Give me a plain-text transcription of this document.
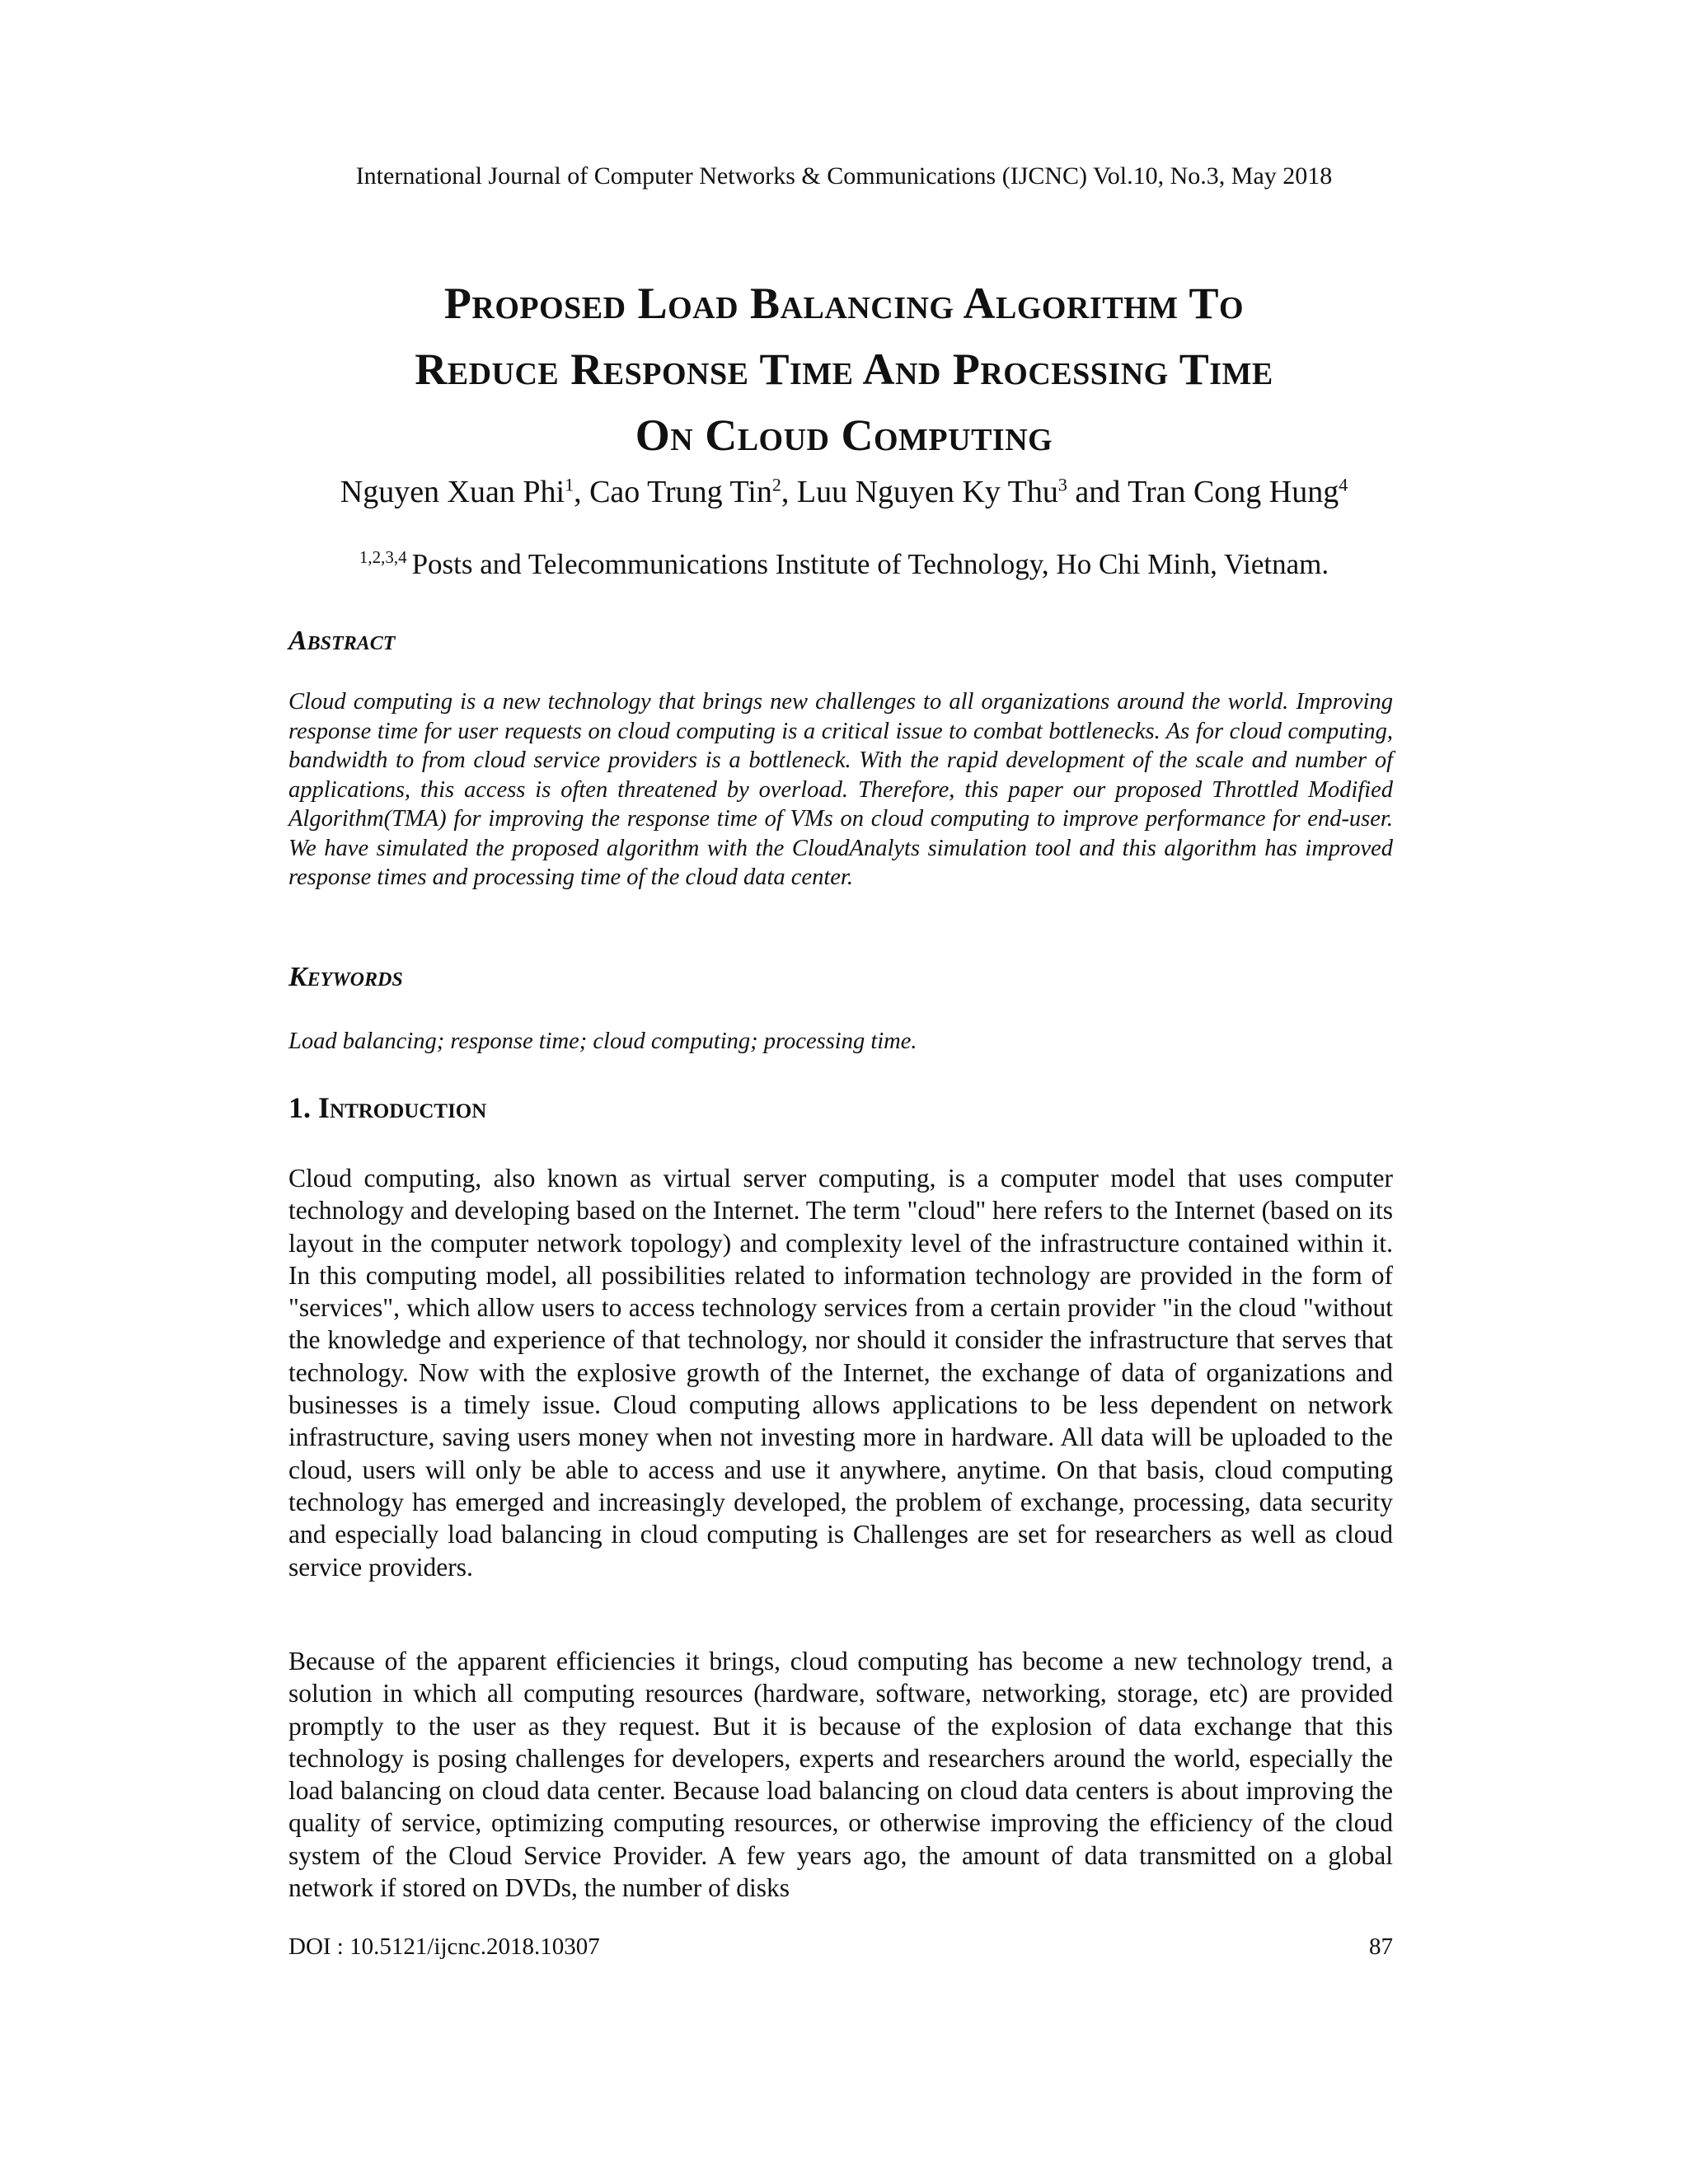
International Journal of Computer Networks & Communications (IJCNC) Vol.10, No.3, May 2018
Proposed Load Balancing Algorithm To
Reduce Response Time And Processing Time
On Cloud Computing
Nguyen Xuan Phi$^1$, Cao Trung Tin$^2$, Luu Nguyen Ky Thu$^3$ and Tran Cong Hung$^4$
$^{1,2,3,4}$ Posts and Telecommunications Institute of Technology, Ho Chi Minh, Vietnam.
Abstract

Cloud computing is a new technology that brings new challenges to all organizations around the world. Improving response time for user requests on cloud computing is a critical issue to combat bottlenecks. As for cloud computing, bandwidth to from cloud service providers is a bottleneck. With the rapid development of the scale and number of applications, this access is often threatened by overload. Therefore, this paper our proposed Throttled Modified Algorithm(TMA) for improving the response time of VMs on cloud computing to improve performance for end-user. We have simulated the proposed algorithm with the CloudAnalyts simulation tool and this algorithm has improved response times and processing time of the cloud data center.

Keywords

Load balancing; response time; cloud computing; processing time.

1. Introduction

Cloud computing, also known as virtual server computing, is a computer model that uses computer technology and developing based on the Internet. The term "cloud" here refers to the Internet (based on its layout in the computer network topology) and complexity level of the infrastructure contained within it. In this computing model, all possibilities related to information technology are provided in the form of "services", which allow users to access technology services from a certain provider "in the cloud "without the knowledge and experience of that technology, nor should it consider the infrastructure that serves that technology. Now with the explosive growth of the Internet, the exchange of data of organizations and businesses is a timely issue. Cloud computing allows applications to be less dependent on network infrastructure, saving users money when not investing more in hardware. All data will be uploaded to the cloud, users will only be able to access and use it anywhere, anytime. On that basis, cloud computing technology has emerged and increasingly developed, the problem of exchange, processing, data security and especially load balancing in cloud computing is Challenges are set for researchers as well as cloud service providers.

Because of the apparent efficiencies it brings, cloud computing has become a new technology trend, a solution in which all computing resources (hardware, software, networking, storage, etc) are provided promptly to the user as they request. But it is because of the explosion of data exchange that this technology is posing challenges for developers, experts and researchers around the world, especially the load balancing on cloud data center. Because load balancing on cloud data centers is about improving the quality of service, optimizing computing resources, or otherwise improving the efficiency of the cloud system of the Cloud Service Provider. A few years ago, the amount of data transmitted on a global network if stored on DVDs, the number of disks

DOI : 10.5121/ijcnc.2018.10307	87
